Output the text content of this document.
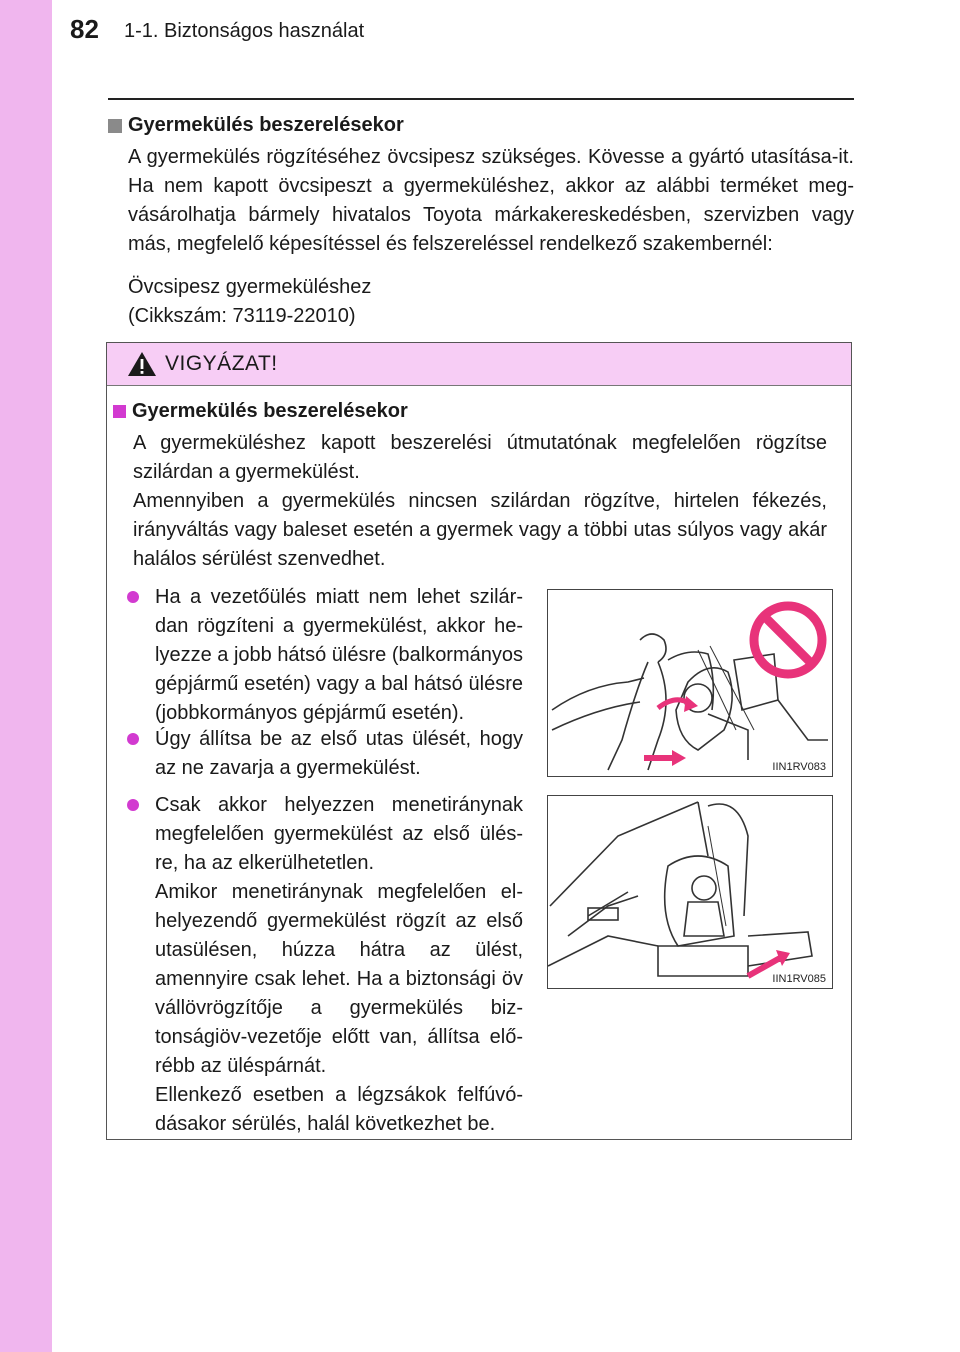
82 1-1. Biztonságos használat
Gyermekülés beszerelésekor
A gyermekülés rögzítéséhez övcsipesz szükséges. Kövesse a gyártó utasítása-it. Ha nem kapott övcsipeszt a gyermeküléshez, akkor az alábbi terméket meg-vásárolhatja bármely hivatalos Toyota márkakereskedésben, szervizben vagy más, megfelelő képesítéssel és felszereléssel rendelkező szakembernél:
Övcsipesz gyermeküléshez
(Cikkszám: 73119-22010)
VIGYÁZAT!
Gyermekülés beszerelésekor
A gyermeküléshez kapott beszerelési útmutatónak megfelelően rögzítse szilárdan a gyermekülést.
Amennyiben a gyermekülés nincsen szilárdan rögzítve, hirtelen fékezés, irányváltás vagy baleset esetén a gyermek vagy a többi utas súlyos vagy akár halálos sérülést szenvedhet.
Ha a vezetőülés miatt nem lehet szilár-dan rögzíteni a gyermekülést, akkor he-lyezze a jobb hátsó ülésre (balkormányos gépjármű esetén) vagy a bal hátsó ülésre (jobbkormányos gépjármű esetén).
Úgy állítsa be az első utas ülését, hogy az ne zavarja a gyermekülést.
Csak akkor helyezzen menetiránynak megfelelően gyermekülést az első ülés-re, ha az elkerülhetetlen.
Amikor menetiránynak megfelelően el-helyezendő gyermekülést rögzít az első utasülésen, húzza hátra az ülést, amennyire csak lehet. Ha a biztonsági öv vállövrögzítője a gyermekülés biz-tonságiöv-vezetője előtt van, állítsa elő-rébb az üléspárnát.
Ellenkező esetben a légzsákok felfúvó-dásakor sérülés, halál következhet be.
IIN1RV083
IIN1RV085
